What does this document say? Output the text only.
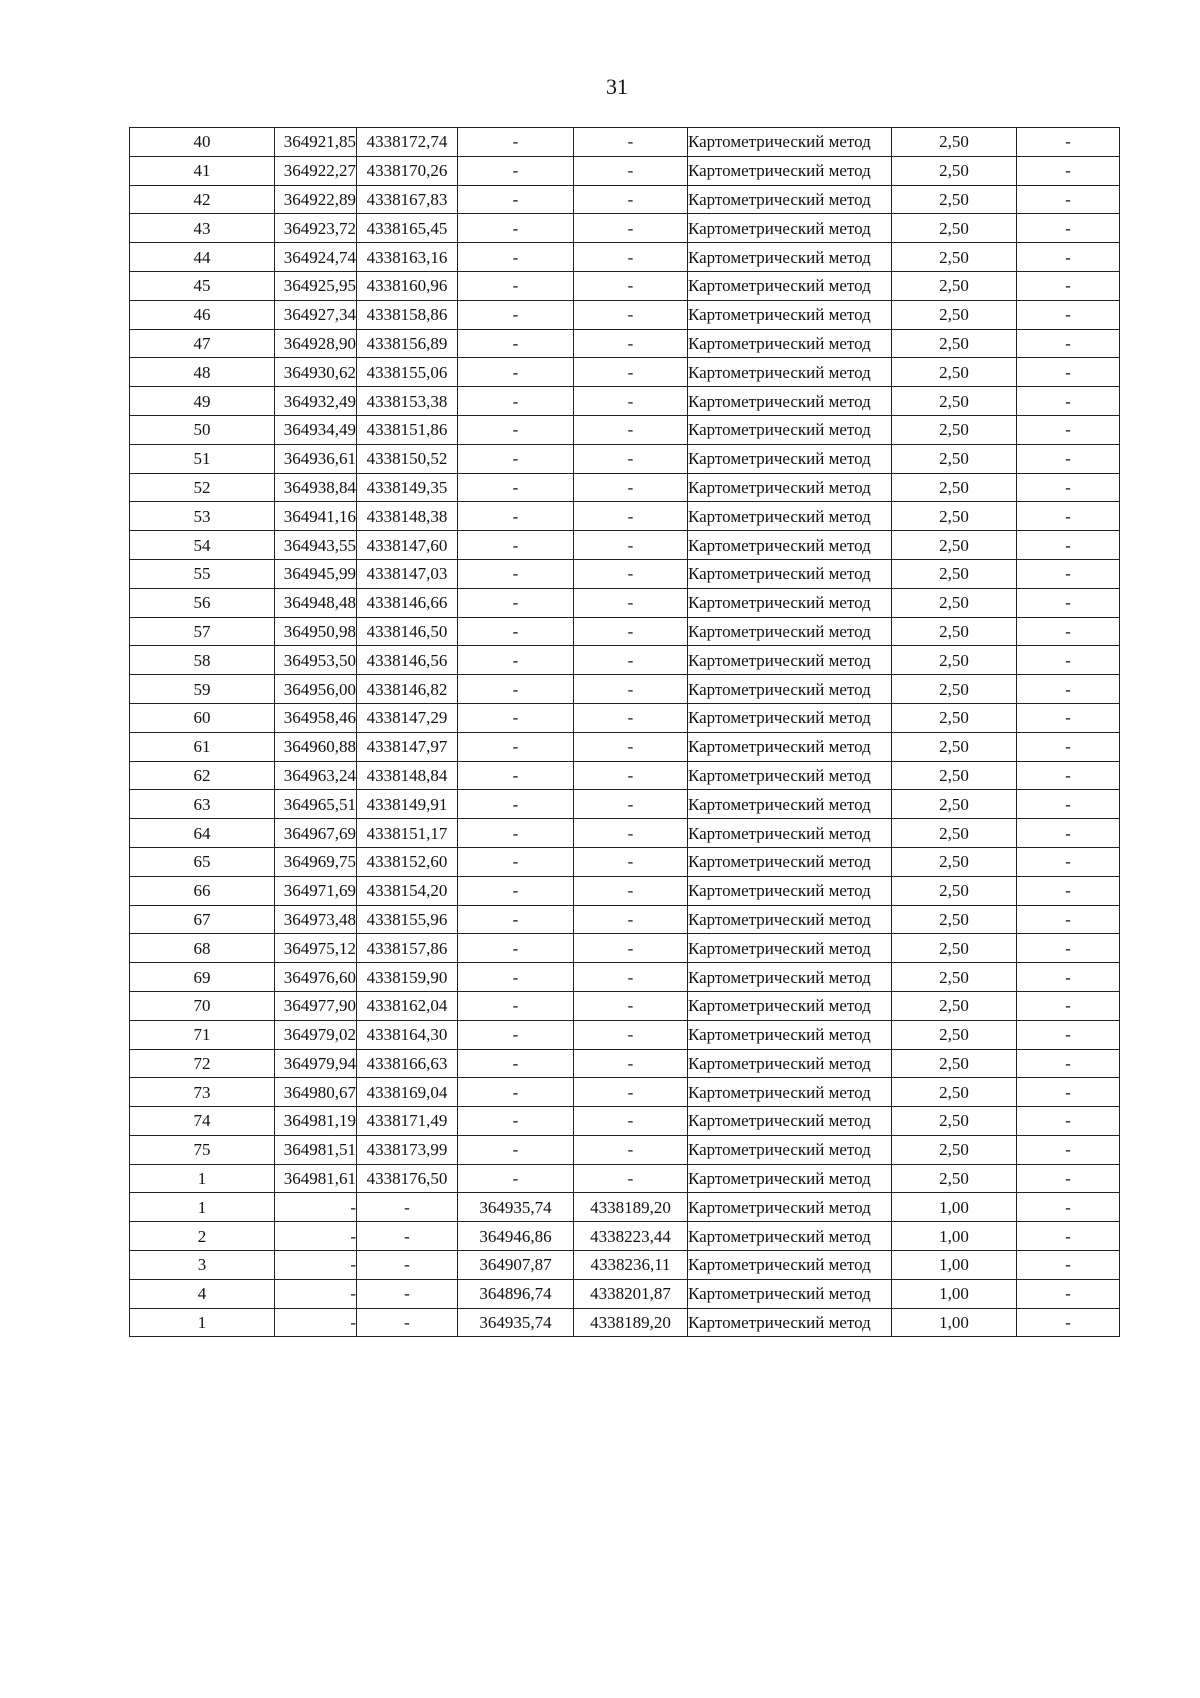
31
40	364921,85	4338172,74	-	-	Картометрический метод	2,50	-
41	364922,27	4338170,26	-	-	Картометрический метод	2,50	-
42	364922,89	4338167,83	-	-	Картометрический метод	2,50	-
43	364923,72	4338165,45	-	-	Картометрический метод	2,50	-
44	364924,74	4338163,16	-	-	Картометрический метод	2,50	-
45	364925,95	4338160,96	-	-	Картометрический метод	2,50	-
46	364927,34	4338158,86	-	-	Картометрический метод	2,50	-
47	364928,90	4338156,89	-	-	Картометрический метод	2,50	-
48	364930,62	4338155,06	-	-	Картометрический метод	2,50	-
49	364932,49	4338153,38	-	-	Картометрический метод	2,50	-
50	364934,49	4338151,86	-	-	Картометрический метод	2,50	-
51	364936,61	4338150,52	-	-	Картометрический метод	2,50	-
52	364938,84	4338149,35	-	-	Картометрический метод	2,50	-
53	364941,16	4338148,38	-	-	Картометрический метод	2,50	-
54	364943,55	4338147,60	-	-	Картометрический метод	2,50	-
55	364945,99	4338147,03	-	-	Картометрический метод	2,50	-
56	364948,48	4338146,66	-	-	Картометрический метод	2,50	-
57	364950,98	4338146,50	-	-	Картометрический метод	2,50	-
58	364953,50	4338146,56	-	-	Картометрический метод	2,50	-
59	364956,00	4338146,82	-	-	Картометрический метод	2,50	-
60	364958,46	4338147,29	-	-	Картометрический метод	2,50	-
61	364960,88	4338147,97	-	-	Картометрический метод	2,50	-
62	364963,24	4338148,84	-	-	Картометрический метод	2,50	-
63	364965,51	4338149,91	-	-	Картометрический метод	2,50	-
64	364967,69	4338151,17	-	-	Картометрический метод	2,50	-
65	364969,75	4338152,60	-	-	Картометрический метод	2,50	-
66	364971,69	4338154,20	-	-	Картометрический метод	2,50	-
67	364973,48	4338155,96	-	-	Картометрический метод	2,50	-
68	364975,12	4338157,86	-	-	Картометрический метод	2,50	-
69	364976,60	4338159,90	-	-	Картометрический метод	2,50	-
70	364977,90	4338162,04	-	-	Картометрический метод	2,50	-
71	364979,02	4338164,30	-	-	Картометрический метод	2,50	-
72	364979,94	4338166,63	-	-	Картометрический метод	2,50	-
73	364980,67	4338169,04	-	-	Картометрический метод	2,50	-
74	364981,19	4338171,49	-	-	Картометрический метод	2,50	-
75	364981,51	4338173,99	-	-	Картометрический метод	2,50	-
1	364981,61	4338176,50	-	-	Картометрический метод	2,50	-
1	-	-	364935,74	4338189,20	Картометрический метод	1,00	-
2	-	-	364946,86	4338223,44	Картометрический метод	1,00	-
3	-	-	364907,87	4338236,11	Картометрический метод	1,00	-
4	-	-	364896,74	4338201,87	Картометрический метод	1,00	-
1	-	-	364935,74	4338189,20	Картометрический метод	1,00	-
